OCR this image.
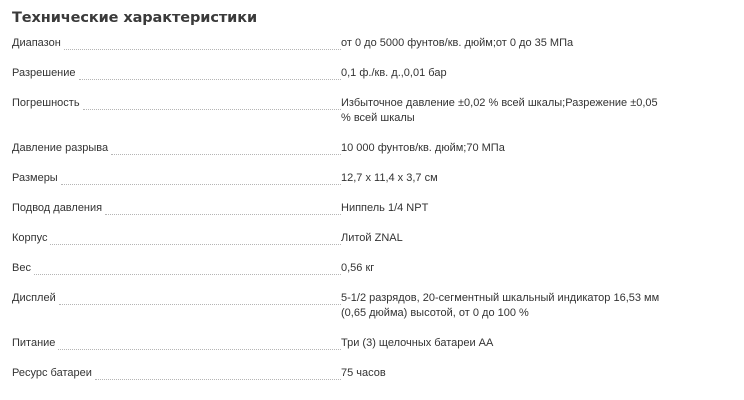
Технические характеристики
Диапазон	от 0 до 5000 фунтов/кв. дюйм;от 0 до 35 МПа
Разрешение	0,1 ф./кв. д.,0,01 бар
Погрешность	Избыточное давление ±0,02 % всей шкалы;Разрежение ±0,05 % всей шкалы
Давление разрыва	10 000 фунтов/кв. дюйм;70 МПа
Размеры	12,7 x 11,4 x 3,7 см
Подвод давления	Ниппель 1/4 NPT
Корпус	Литой ZNAL
Вес	0,56 кг
Дисплей	5-1/2 разрядов, 20-сегментный шкальный индикатор 16,53 мм (0,65 дюйма) высотой, от 0 до 100 %
Питание	Три (3) щелочных батареи AA
Ресурс батареи	75 часов
